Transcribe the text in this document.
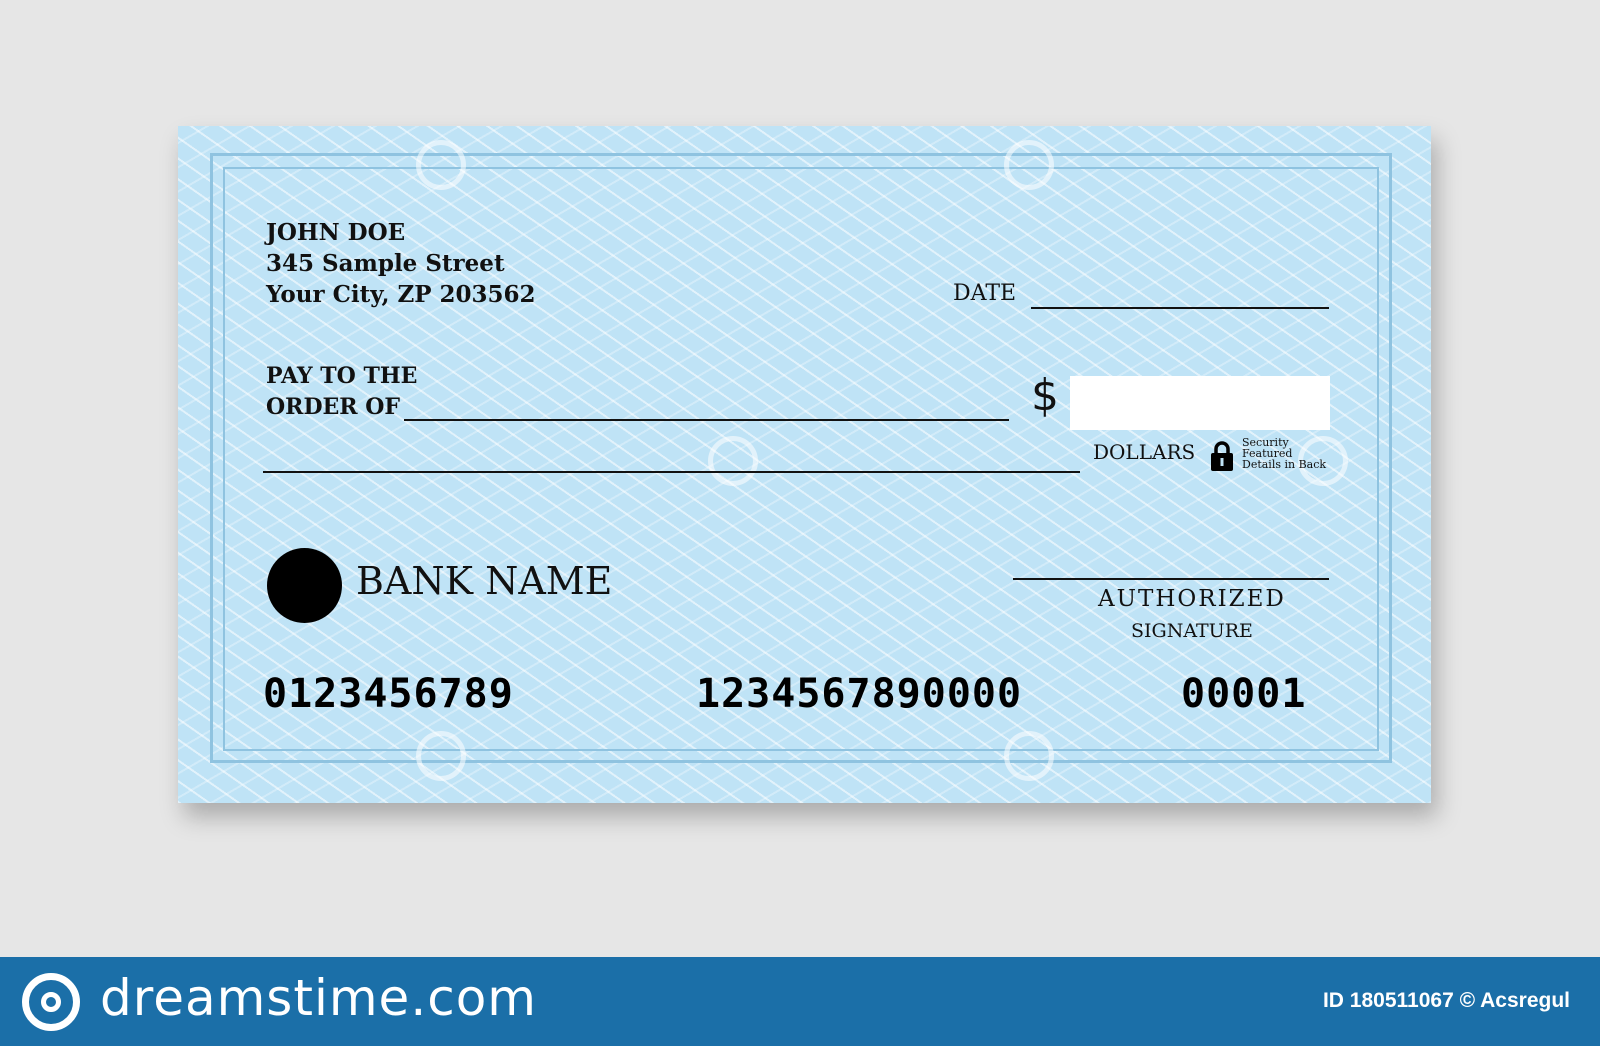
JOHN DOE
345 Sample Street
Your City, ZP 203562	DATE
PAY TO THE
ORDER OF	$
DOLLARS	Security
Featured
Details in Back
BANK NAME	AUTHORIZED
SIGNATURE
0123456789	1234567890000	00001
dreamstime.com	ID 180511067 © Acsregul
